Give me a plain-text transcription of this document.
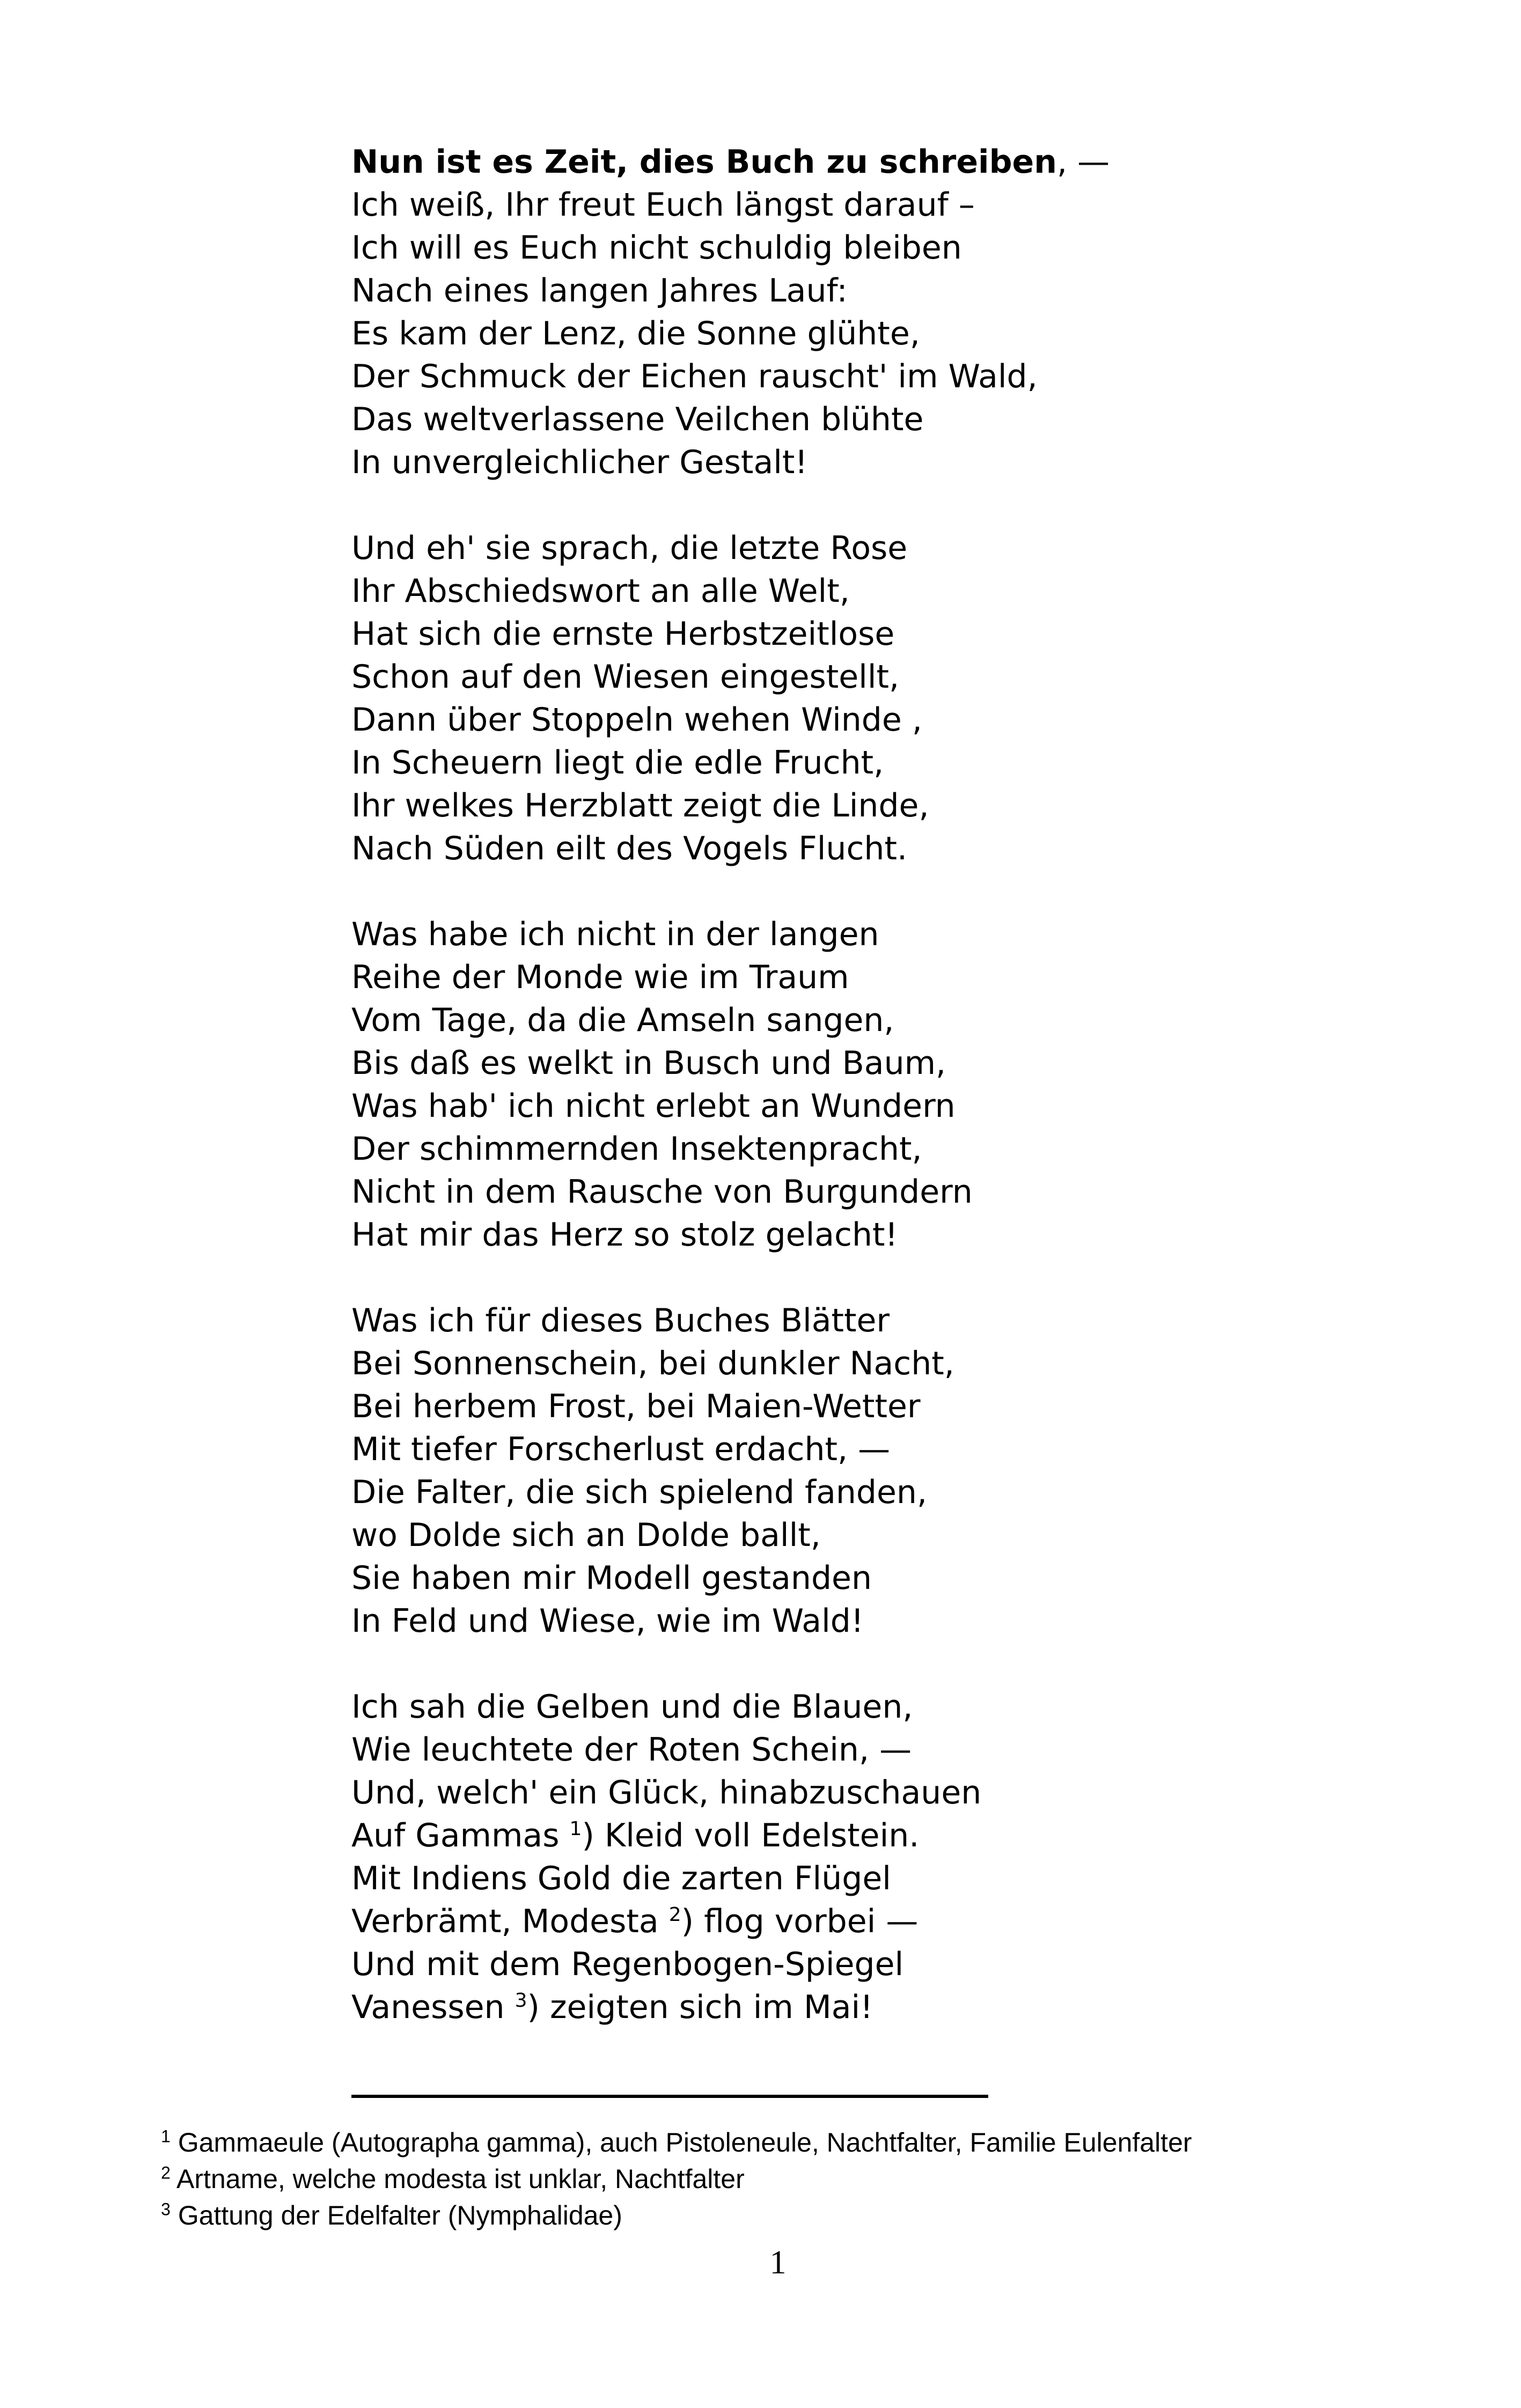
Nun ist es Zeit, dies Buch zu schreiben, —
Ich weiß, Ihr freut Euch längst darauf –
Ich will es Euch nicht schuldig bleiben
Nach eines langen Jahres Lauf:
Es kam der Lenz, die Sonne glühte,
Der Schmuck der Eichen rauscht' im Wald,
Das weltverlassene Veilchen blühte
In unvergleichlicher Gestalt!
Und eh' sie sprach, die letzte Rose
Ihr Abschiedswort an alle Welt,
Hat sich die ernste Herbstzeitlose
Schon auf den Wiesen eingestellt,
Dann über Stoppeln wehen Winde ,
In Scheuern liegt die edle Frucht,
Ihr welkes Herzblatt zeigt die Linde,
Nach Süden eilt des Vogels Flucht.
Was habe ich nicht in der langen
Reihe der Monde wie im Traum
Vom Tage, da die Amseln sangen,
Bis daß es welkt in Busch und Baum,
Was hab' ich nicht erlebt an Wundern
Der schimmernden Insektenpracht,
Nicht in dem Rausche von Burgundern
Hat mir das Herz so stolz gelacht!
Was ich für dieses Buches Blätter
Bei Sonnenschein, bei dunkler Nacht,
Bei herbem Frost, bei Maien-Wetter
Mit tiefer Forscherlust erdacht, —
Die Falter, die sich spielend fanden,
wo Dolde sich an Dolde ballt,
Sie haben mir Modell gestanden
In Feld und Wiese, wie im Wald!
Ich sah die Gelben und die Blauen,
Wie leuchtete der Roten Schein, —
Und, welch' ein Glück, hinabzuschauen
Auf Gammas $^1$) Kleid voll Edelstein.
Mit Indiens Gold die zarten Flügel
Verbrämt, Modesta $^2$) flog vorbei —
Und mit dem Regenbogen-Spiegel
Vanessen $^3$) zeigten sich im Mai!
$^1$ Gammaeule (Autographa gamma), auch Pistoleneule, Nachtfalter, Familie Eulenfalter
$^2$ Artname, welche modesta ist unklar, Nachtfalter
$^3$ Gattung der Edelfalter (Nymphalidae)
1
